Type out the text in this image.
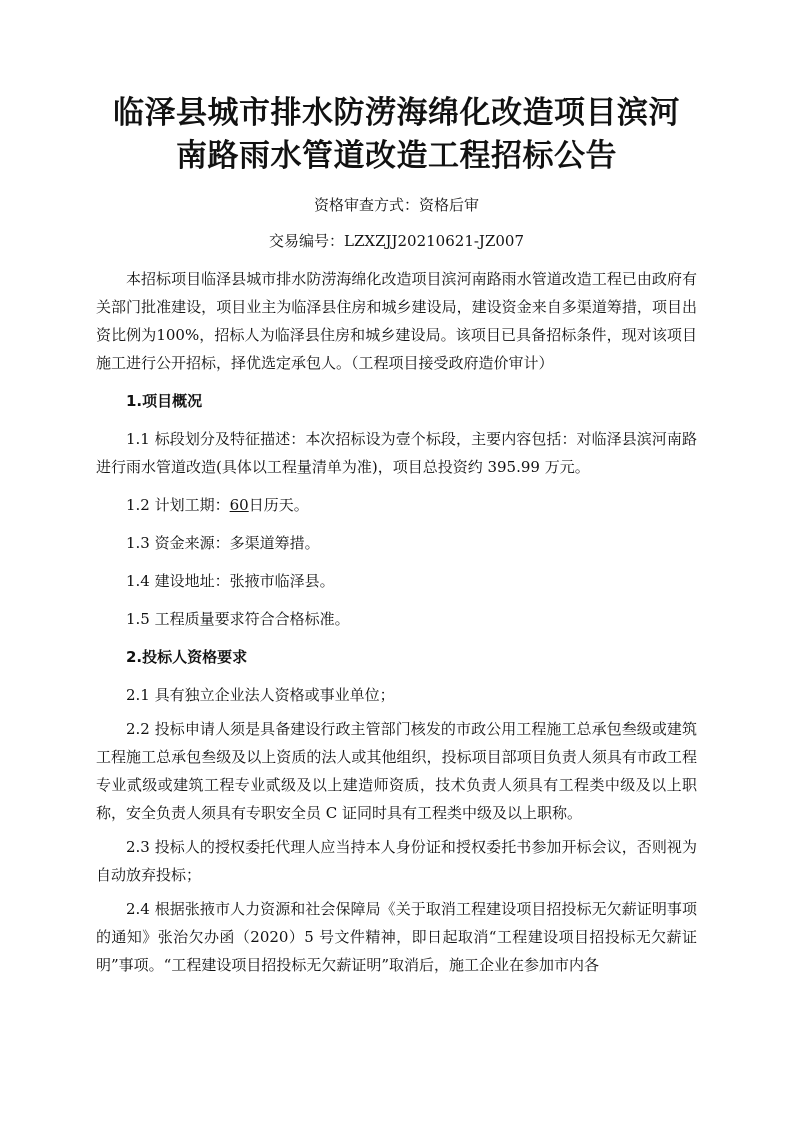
临泽县城市排水防涝海绵化改造项目滨河
南路雨水管道改造工程招标公告
资格审查方式：资格后审
交易编号：LZXZJJ20210621-JZ007

本招标项目临泽县城市排水防涝海绵化改造项目滨河南路雨水管道改造工程已由政府有关部门批准建设，项目业主为临泽县住房和城乡建设局，建设资金来自多渠道筹措，项目出资比例为100%，招标人为临泽县住房和城乡建设局。该项目已具备招标条件，现对该项目施工进行公开招标，择优选定承包人。（工程项目接受政府造价审计）

1.项目概况

1.1 标段划分及特征描述：本次招标设为壹个标段，主要内容包括：对临泽县滨河南路进行雨水管道改造(具体以工程量清单为准)，项目总投资约 395.99 万元。

1.2 计划工期：60日历天。

1.3 资金来源：多渠道筹措。

1.4 建设地址：张掖市临泽县。

1.5 工程质量要求符合合格标准。

2.投标人资格要求

2.1 具有独立企业法人资格或事业单位；

2.2 投标申请人须是具备建设行政主管部门核发的市政公用工程施工总承包叁级或建筑工程施工总承包叁级及以上资质的法人或其他组织，投标项目部项目负责人须具有市政工程专业贰级或建筑工程专业贰级及以上建造师资质，技术负责人须具有工程类中级及以上职称，安全负责人须具有专职安全员 C 证同时具有工程类中级及以上职称。

2.3 投标人的授权委托代理人应当持本人身份证和授权委托书参加开标会议，否则视为自动放弃投标；

2.4 根据张掖市人力资源和社会保障局《关于取消工程建设项目招投标无欠薪证明事项的通知》张治欠办函（2020）5 号文件精神，即日起取消“工程建设项目招投标无欠薪证明”事项。“工程建设项目招投标无欠薪证明”取消后，施工企业在参加市内各
